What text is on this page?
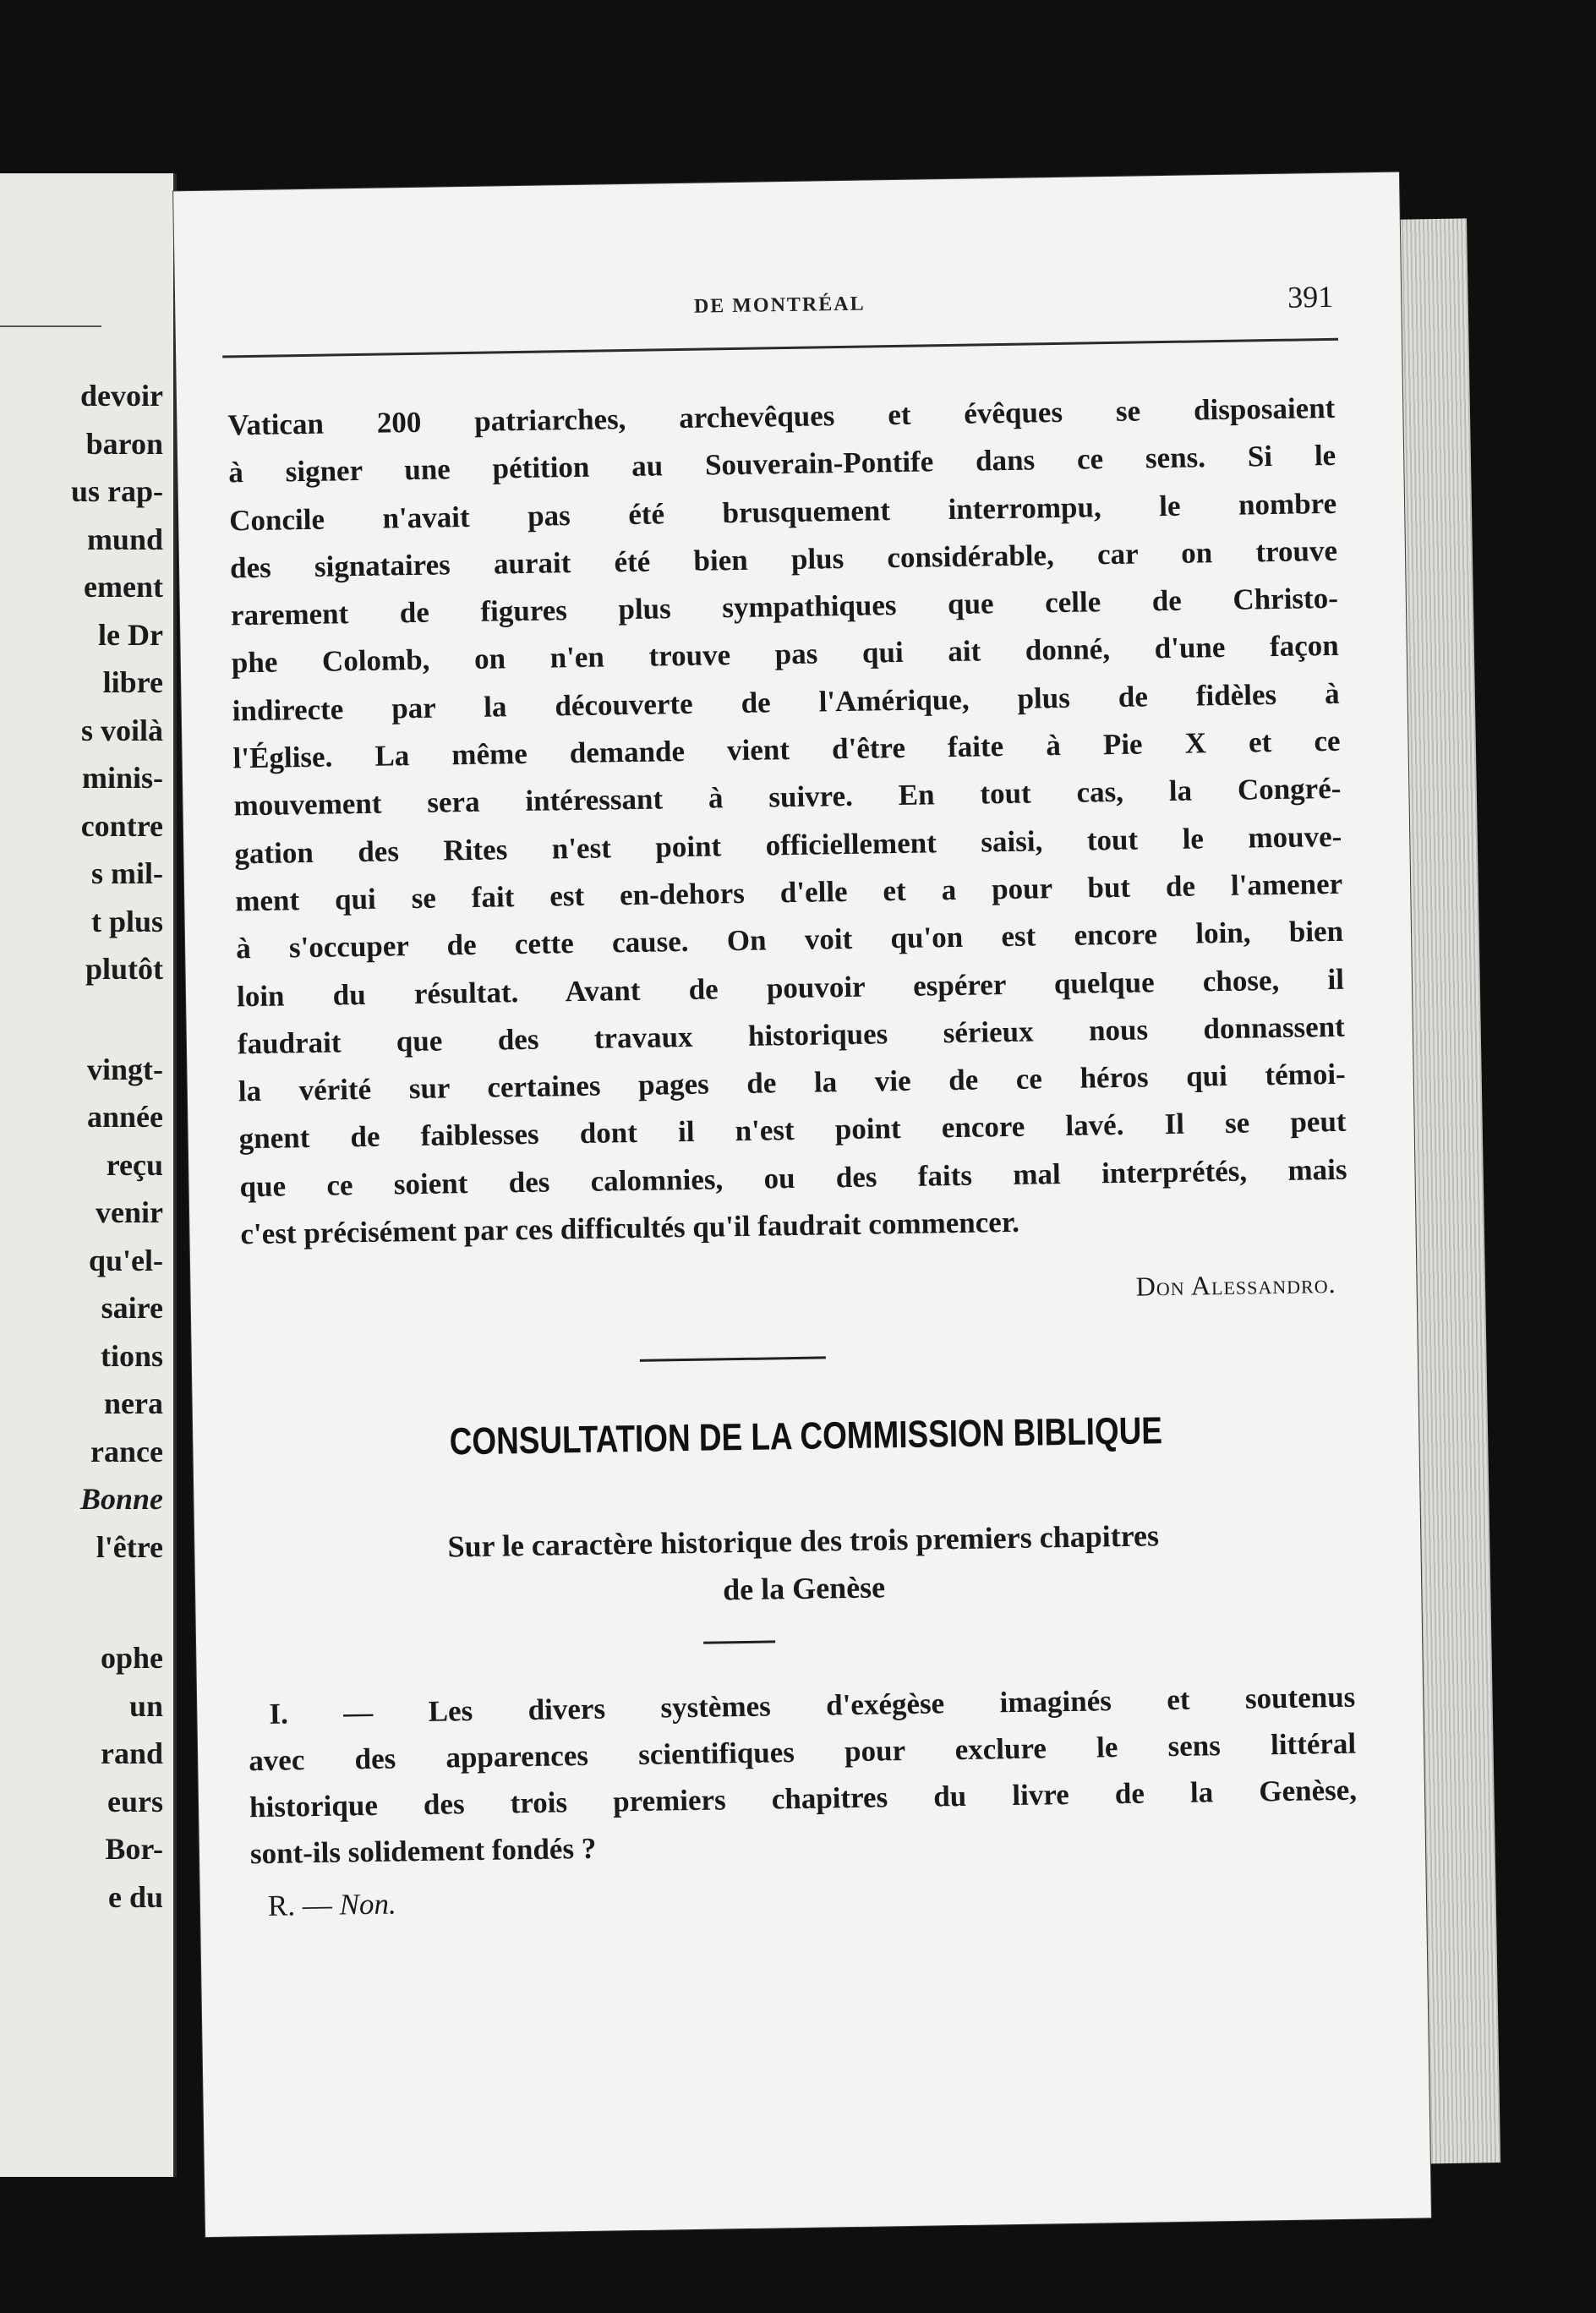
devoir
baron
us rap-
mund
ement
le Dr
libre
s voilà
minis-
contre
s mil-
t plus
plutôt
vingt-
année
reçu
venir
qu'el-
saire
tions
nera
rance
Bonne
l'être
ophe
un
rand
eurs
Bor-
e du
DE MONTRÉAL	391
Vatican 200 patriarches, archevêques et évêques se disposaient
à signer une pétition au Souverain-Pontife dans ce sens. Si le
Concile n'avait pas été brusquement interrompu, le nombre
des signataires aurait été bien plus considérable, car on trouve
rarement de figures plus sympathiques que celle de Christo-
phe Colomb, on n'en trouve pas qui ait donné, d'une façon
indirecte par la découverte de l'Amérique, plus de fidèles à
l'Église. La même demande vient d'être faite à Pie X et ce
mouvement sera intéressant à suivre. En tout cas, la Congré-
gation des Rites n'est point officiellement saisi, tout le mouve-
ment qui se fait est en-dehors d'elle et a pour but de l'amener
à s'occuper de cette cause. On voit qu'on est encore loin, bien
loin du résultat. Avant de pouvoir espérer quelque chose, il
faudrait que des travaux historiques sérieux nous donnassent
la vérité sur certaines pages de la vie de ce héros qui témoi-
gnent de faiblesses dont il n'est point encore lavé. Il se peut
que ce soient des calomnies, ou des faits mal interprétés, mais
c'est précisément par ces difficultés qu'il faudrait commencer.
Don Alessandro.
CONSULTATION DE LA COMMISSION BIBLIQUE
Sur le caractère historique des trois premiers chapitres
de la Genèse
I. — Les divers systèmes d'exégèse imaginés et soutenus
avec des apparences scientifiques pour exclure le sens littéral
historique des trois premiers chapitres du livre de la Genèse,
sont-ils solidement fondés ?
R. — Non.
